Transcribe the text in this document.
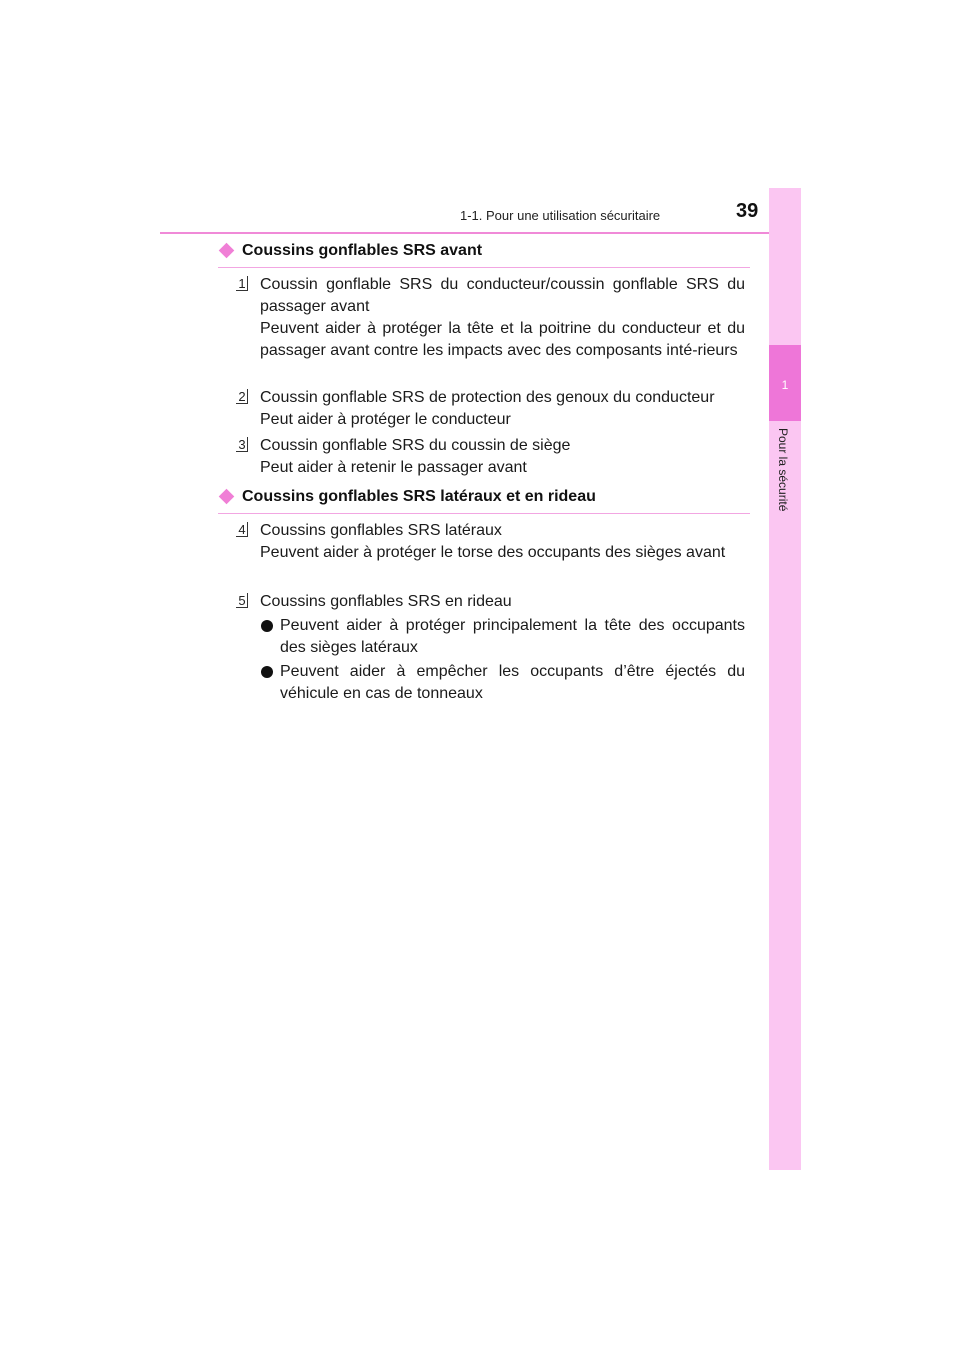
1-1. Pour une utilisation sécuritaire	39
1
Pour la sécurité
Coussins gonflables SRS avant
1 Coussin gonflable SRS du conducteur/coussin gonflable SRS du passager avant

Peuvent aider à protéger la tête et la poitrine du conducteur et du passager avant contre les impacts avec des composants inté-rieurs

2 Coussin gonflable SRS de protection des genoux du conducteur

Peut aider à protéger le conducteur

3 Coussin gonflable SRS du coussin de siège

Peut aider à retenir le passager avant

Coussins gonflables SRS latéraux et en rideau
4 Coussins gonflables SRS latéraux

Peuvent aider à protéger le torse des occupants des sièges avant

5 Coussins gonflables SRS en rideau

Peuvent aider à protéger principalement la tête des occupants des sièges latéraux
Peuvent aider à empêcher les occupants d’être éjectés du véhicule en cas de tonneaux
